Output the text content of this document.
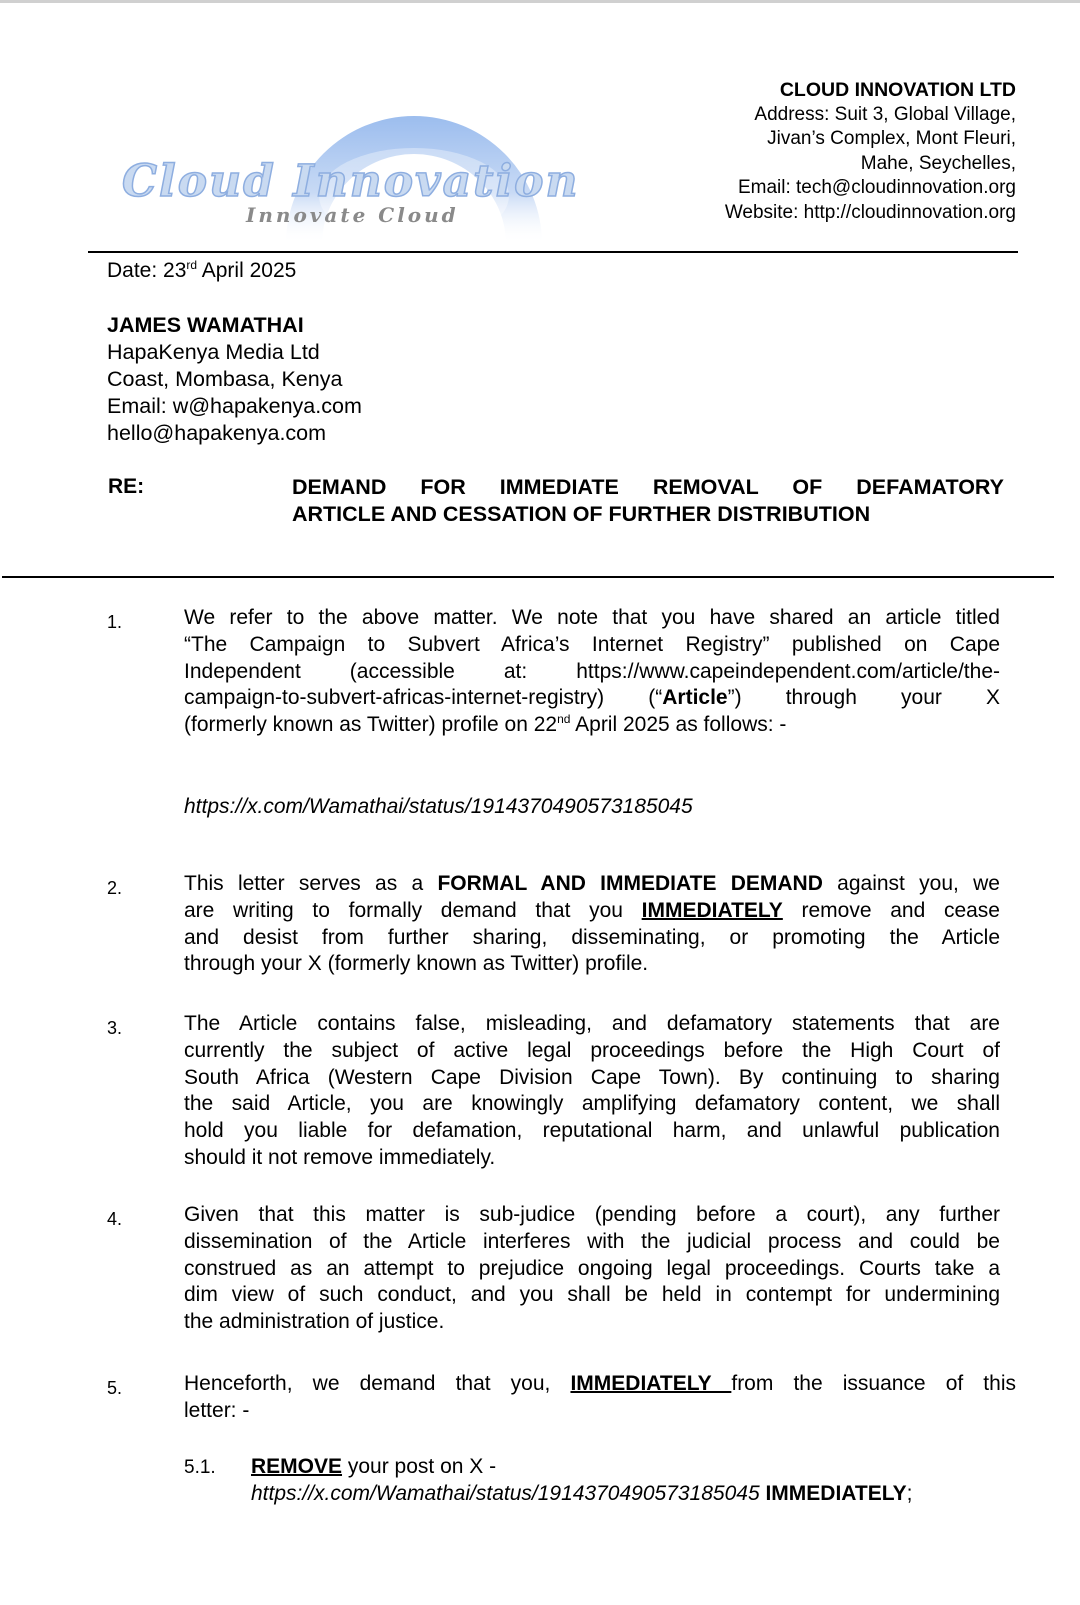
Cloud Innovation
Innovate Cloud
CLOUD INNOVATION LTD
Address: Suit 3, Global Village,
Jivan’s Complex, Mont Fleuri,
Mahe, Seychelles,
Email: tech@cloudinnovation.org
Website: http://cloudinnovation.org
Date: 23rd April 2025
JAMES WAMATHAI
HapaKenya Media Ltd
Coast, Mombasa, Kenya
Email: w@hapakenya.com
hello@hapakenya.com
RE:	DEMAND FOR IMMEDIATE REMOVAL OF DEFAMATORY
ARTICLE AND CESSATION OF FURTHER DISTRIBUTION
1.	We refer to the above matter. We note that you have shared an article titled
“The Campaign to Subvert Africa’s Internet Registry” published on Cape
Independent (accessible at: https://www.capeindependent.com/article/the-
campaign-to-subvert-africas-internet-registry) (“Article”) through your X
(formerly known as Twitter) profile on 22nd April 2025 as follows: -
https://x.com/Wamathai/status/1914370490573185045
2.	This letter serves as a FORMAL AND IMMEDIATE DEMAND against you, we
are writing to formally demand that you IMMEDIATELY remove and cease
and desist from further sharing, disseminating, or promoting the Article
through your X (formerly known as Twitter) profile.
3.	The Article contains false, misleading, and defamatory statements that are
currently the subject of active legal proceedings before the High Court of
South Africa (Western Cape Division Cape Town). By continuing to sharing
the said Article, you are knowingly amplifying defamatory content, we shall
hold you liable for defamation, reputational harm, and unlawful publication
should it not remove immediately.
4.	Given that this matter is sub-judice (pending before a court), any further
dissemination of the Article interferes with the judicial process and could be
construed as an attempt to prejudice ongoing legal proceedings. Courts take a
dim view of such conduct, and you shall be held in contempt for undermining
the administration of justice.
5.	Henceforth, we demand that you, IMMEDIATELY from the issuance of this
letter: -
5.1. REMOVE your post on X -
https://x.com/Wamathai/status/1914370490573185045 IMMEDIATELY;
